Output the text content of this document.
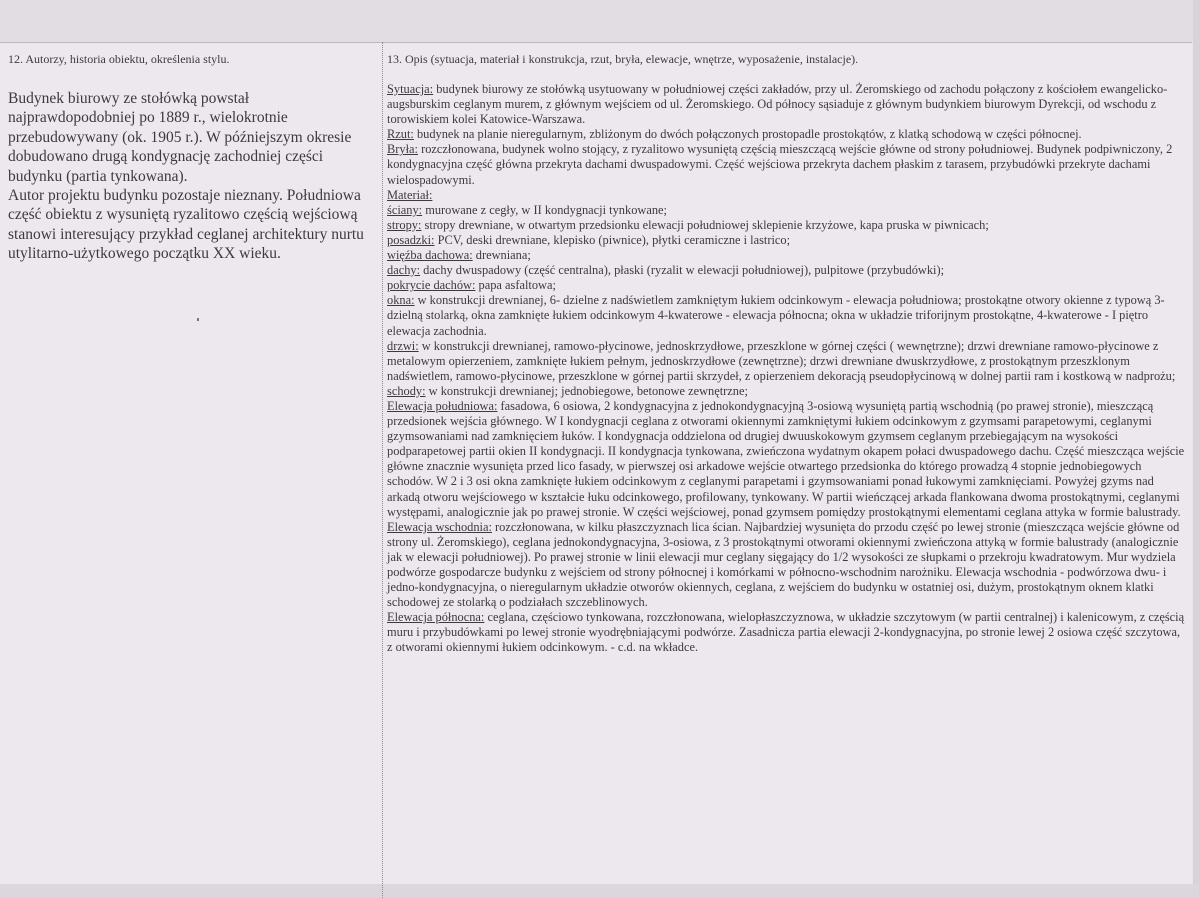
12. Autorzy, historia obiektu, określenia stylu.

Budynek biurowy ze stołówką powstał najprawdopodobniej po 1889 r., wielokrotnie przebudowywany (ok. 1905 r.). W późniejszym okresie dobudowano drugą kondygnację zachodniej części budynku (partia tynkowana).
Autor projektu budynku pozostaje nieznany. Południowa część obiektu z wysuniętą ryzalitowo częścią wejściową stanowi interesujący przykład ceglanej architektury nurtu utylitarno-użytkowego początku XX wieku.

13. Opis (sytuacja, materiał i konstrukcja, rzut, bryła, elewacje, wnętrze, wyposażenie, instalacje).

Sytuacja: budynek biurowy ze stołówką usytuowany w południowej części zakładów, przy ul. Żeromskiego od zachodu połączony z kościołem ewangelicko-augsburskim ceglanym murem, z głównym wejściem od ul. Żeromskiego. Od północy sąsiaduje z głównym budynkiem biurowym Dyrekcji, od wschodu z torowiskiem kolei Katowice-Warszawa.

Rzut: budynek na planie nieregularnym, zbliżonym do dwóch połączonych prostopadle prostokątów, z klatką schodową w części północnej.

Bryła: rozczłonowana, budynek wolno stojący, z ryzalitowo wysuniętą częścią mieszczącą wejście główne od strony południowej. Budynek podpiwniczony, 2 kondygnacyjna część główna przekryta dachami dwuspadowymi. Część wejściowa przekryta dachem płaskim z tarasem, przybudówki przekryte dachami wielospadowymi.

Materiał:

ściany: murowane z cegły, w II kondygnacji tynkowane;

stropy: stropy drewniane, w otwartym przedsionku elewacji południowej sklepienie krzyżowe, kapa pruska w piwnicach;

posadzki: PCV, deski drewniane, klepisko (piwnice), płytki ceramiczne i lastrico;

więźba dachowa: drewniana;

dachy: dachy dwuspadowy (część centralna), płaski (ryzalit w elewacji południowej), pulpitowe (przybudówki);

pokrycie dachów: papa asfaltowa;

okna: w konstrukcji drewnianej, 6- dzielne z nadświetlem zamkniętym łukiem odcinkowym - elewacja południowa; prostokątne otwory okienne z typową 3-dzielną stolarką, okna zamknięte łukiem odcinkowym 4-kwaterowe - elewacja północna; okna w układzie triforijnym prostokątne, 4-kwaterowe - I piętro elewacja zachodnia.

drzwi: w konstrukcji drewnianej, ramowo-płycinowe, jednoskrzydłowe, przeszklone w górnej części ( wewnętrzne); drzwi drewniane ramowo-płycinowe z metalowym opierzeniem, zamknięte łukiem pełnym, jednoskrzydłowe (zewnętrzne); drzwi drewniane dwuskrzydłowe, z prostokątnym przeszklonym nadświetlem, ramowo-płycinowe, przeszklone w górnej partii skrzydeł, z opierzeniem dekoracją pseudopłycinową w dolnej partii ram i kostkową w nadprożu;

schody: w konstrukcji drewnianej; jednobiegowe, betonowe zewnętrzne;

Elewacja południowa: fasadowa, 6 osiowa, 2 kondygnacyjna z jednokondygnacyjną 3-osiową wysuniętą partią wschodnią (po prawej stronie), mieszczącą przedsionek wejścia głównego. W I kondygnacji ceglana z otworami okiennymi zamkniętymi łukiem odcinkowym z gzymsami parapetowymi, ceglanymi gzymsowaniami nad zamknięciem łuków. I kondygnacja oddzielona od drugiej dwuuskokowym gzymsem ceglanym przebiegającym na wysokości podparapetowej partii okien II kondygnacji. II kondygnacja tynkowana, zwieńczona wydatnym okapem połaci dwuspadowego dachu. Część mieszcząca wejście główne znacznie wysunięta przed lico fasady, w pierwszej osi arkadowe wejście otwartego przedsionka do którego prowadzą 4 stopnie jednobiegowych schodów. W 2 i 3 osi okna zamknięte łukiem odcinkowym z ceglanymi parapetami i gzymsowaniami ponad łukowymi zamknięciami. Powyżej gzyms nad arkadą otworu wejściowego w kształcie łuku odcinkowego, profilowany, tynkowany. W partii wieńczącej arkada flankowana dwoma prostokątnymi, ceglanymi występami, analogicznie jak po prawej stronie. W części wejściowej, ponad gzymsem pomiędzy prostokątnymi elementami ceglana attyka w formie balustrady.

Elewacja wschodnia: rozczłonowana, w kilku płaszczyznach lica ścian. Najbardziej wysunięta do przodu część po lewej stronie (mieszcząca wejście główne od strony ul. Żeromskiego), ceglana jednokondygnacyjna, 3-osiowa, z 3 prostokątnymi otworami okiennymi zwieńczona attyką w formie balustrady (analogicznie jak w elewacji południowej). Po prawej stronie w linii elewacji mur ceglany sięgający do 1/2 wysokości ze słupkami o przekroju kwadratowym. Mur wydziela podwórze gospodarcze budynku z wejściem od strony północnej i komórkami w północno-wschodnim narożniku. Elewacja wschodnia - podwórzowa dwu- i jedno-kondygnacyjna, o nieregularnym układzie otworów okiennych, ceglana, z wejściem do budynku w ostatniej osi, dużym, prostokątnym oknem klatki schodowej ze stolarką o podziałach szczeblinowych.

Elewacja północna: ceglana, częściowo tynkowana, rozczłonowana, wielopłaszczyznowa, w układzie szczytowym (w partii centralnej) i kalenicowym, z częścią muru i przybudówkami po lewej stronie wyodrębniającymi podwórze. Zasadnicza partia elewacji 2-kondygnacyjna, po stronie lewej 2 osiowa część szczytowa, z otworami okiennymi łukiem odcinkowym. - c.d. na wkładce.
